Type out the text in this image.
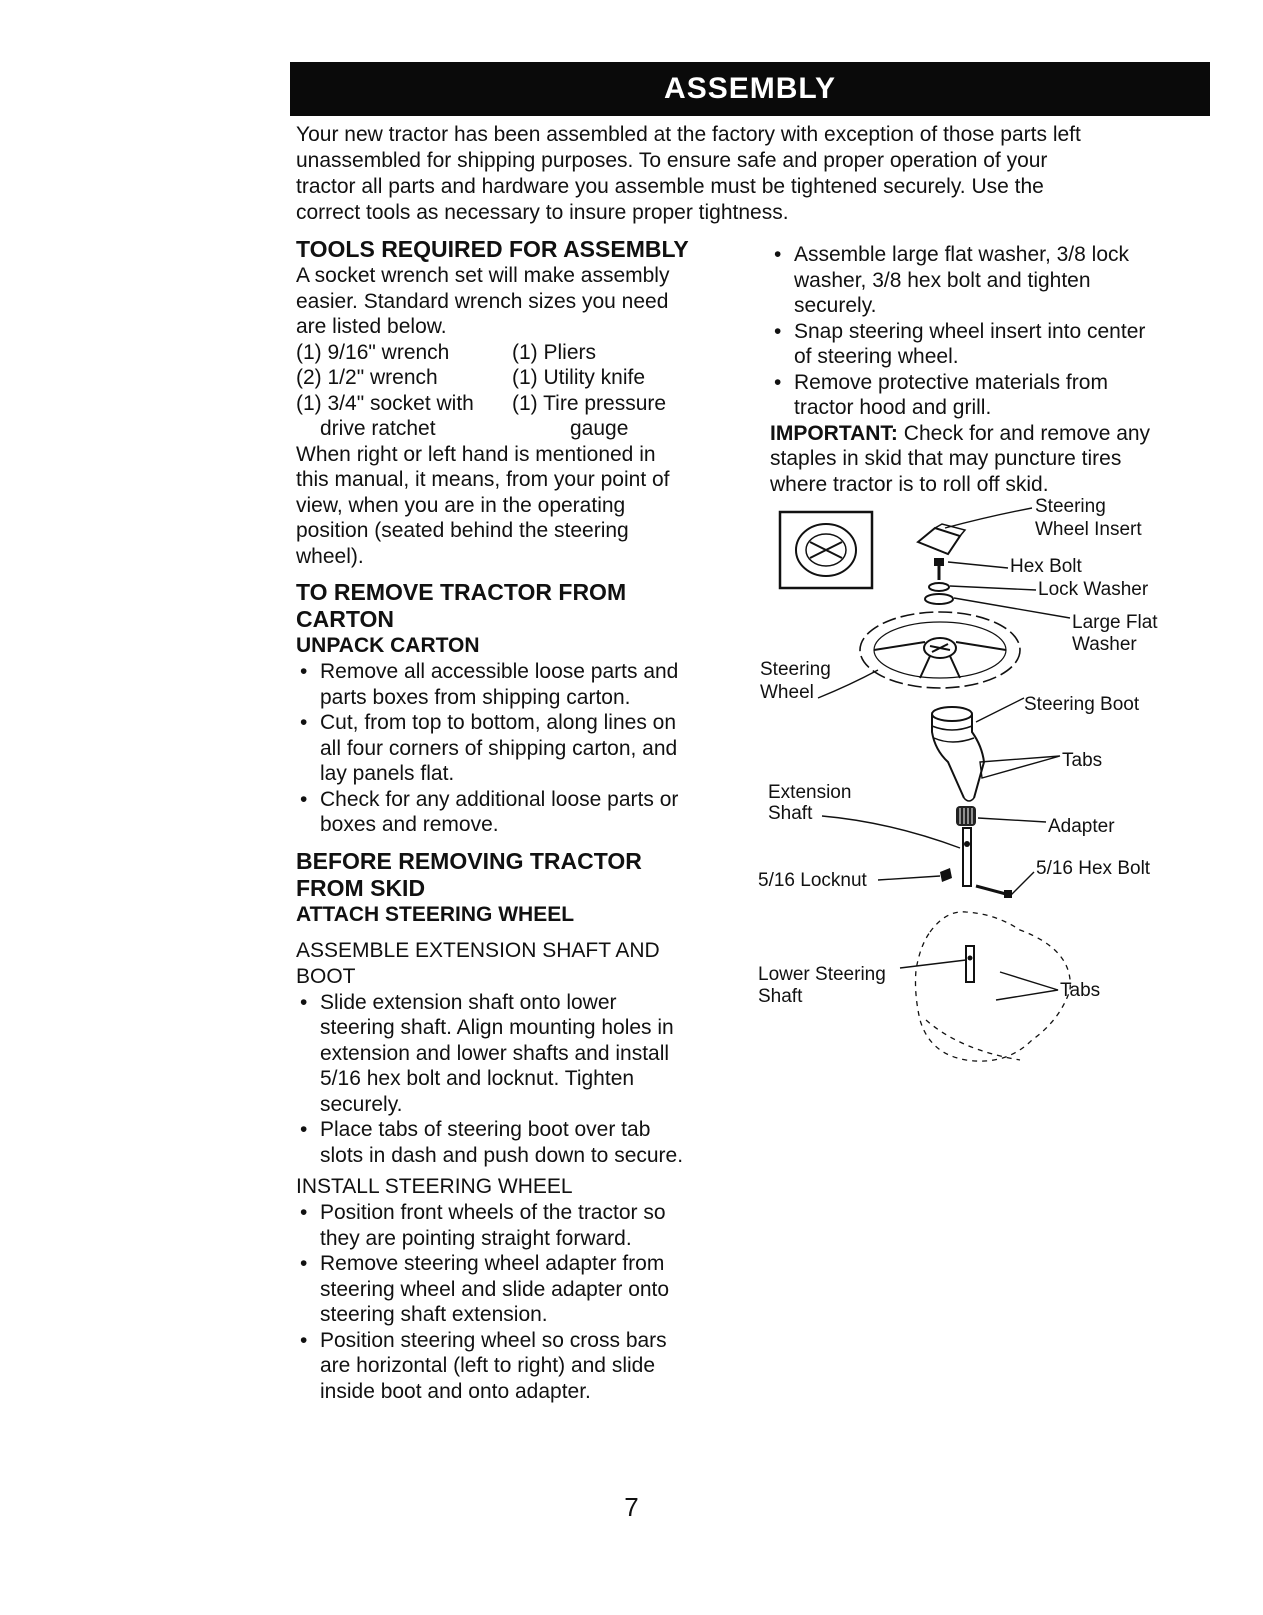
ASSEMBLY

Your new tractor has been assembled at the factory with exception of those parts left
unassembled for shipping purposes. To ensure safe and proper operation of your
tractor all parts and hardware you assemble must be tightened securely. Use the
correct tools as necessary to insure proper tightness.

TOOLS REQUIRED FOR ASSEMBLY

A socket wrench set will make assembly
easier. Standard wrench sizes you need
are listed below.

(1) 9/16" wrench	(1) Pliers
(2) 1/2" wrench	(1) Utility knife
(1) 3/4" socket with	(1) Tire pressure
drive ratchet	gauge

When right or left hand is mentioned in
this manual, it means, from your point of
view, when you are in the operating
position (seated behind the steering
wheel).

TO REMOVE TRACTOR FROM
CARTON
UNPACK CARTON
• Remove all accessible loose parts and
parts boxes from shipping carton.
• Cut, from top to bottom, along lines on
all four corners of shipping carton, and
lay panels flat.
• Check for any additional loose parts or
boxes and remove.
BEFORE REMOVING TRACTOR
FROM SKID
ATTACH STEERING WHEEL

ASSEMBLE EXTENSION SHAFT AND
BOOT

• Slide extension shaft onto lower
steering shaft. Align mounting holes in
extension and lower shafts and install
5/16 hex bolt and locknut. Tighten
securely.
• Place tabs of steering boot over tab
slots in dash and push down to secure.

INSTALL STEERING WHEEL

• Position front wheels of the tractor so
they are pointing straight forward.
• Remove steering wheel adapter from
steering wheel and slide adapter onto
steering shaft extension.
• Position steering wheel so cross bars
are horizontal (left to right) and slide
inside boot and onto adapter.
• Assemble large flat washer, 3/8 lock
washer, 3/8 hex bolt and tighten
securely.
• Snap steering wheel insert into center
of steering wheel.
• Remove protective materials from
tractor hood and grill.

IMPORTANT: Check for and remove any
staples in skid that may puncture tires
where tractor is to roll off skid.

Steering
Wheel Insert
Hex Bolt
Lock Washer
Large Flat
Washer
Steering
Wheel
Steering Boot
Tabs
Extension
Shaft
Adapter
5/16 Hex Bolt
5/16 Locknut
Lower Steering
Shaft	Tabs
7
